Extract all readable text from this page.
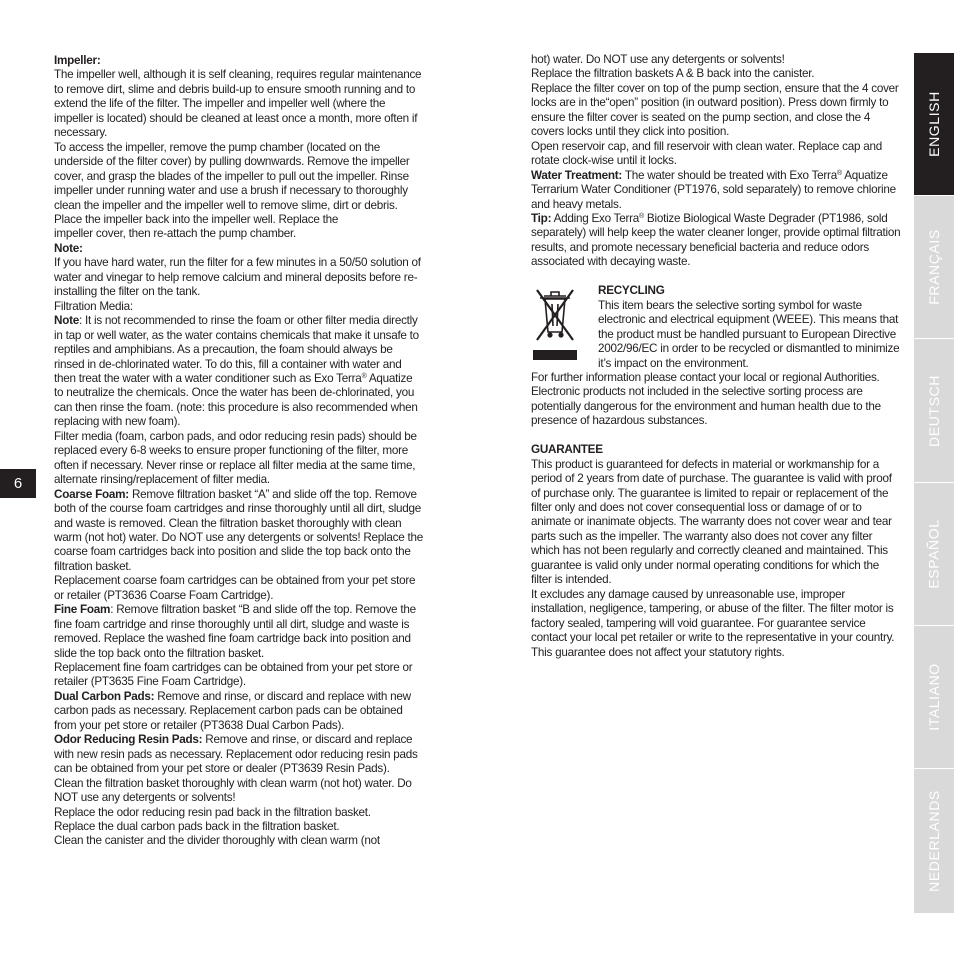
6
ENGLISH
FRANÇAIS
DEUTSCH
ESPAÑOL
ITALIANO
NEDERLANDS

Impeller:

The impeller well, although it is self cleaning, requires regular maintenance to remove dirt, slime and debris build-up to ensure smooth running and to extend the life of the filter. The impeller and impeller well (where the impeller is located) should be cleaned at least once a month, more often if necessary.

To access the impeller, remove the pump chamber (located on the underside of the filter cover) by pulling downwards. Remove the impeller cover, and grasp the blades of the impeller to pull out the impeller. Rinse impeller under running water and use a brush if necessary to thoroughly clean the impeller and the impeller well to remove slime, dirt or debris. Place the impeller back into the impeller well. Replace the

impeller cover, then re-attach the pump chamber.

Note:

If you have hard water, run the filter for a few minutes in a 50/50 solution of water and vinegar to help remove calcium and mineral deposits before re-installing the filter on the tank.

Filtration Media:

Note: It is not recommended to rinse the foam or other filter media directly in tap or well water, as the water contains chemicals that make it unsafe to reptiles and amphibians. As a precaution, the foam should always be rinsed in de-chlorinated water. To do this, fill a container with water and then treat the water with a water conditioner such as Exo Terra® Aquatize to neutralize the chemicals. Once the water has been de-chlorinated, you can then rinse the foam. (note: this procedure is also recommended when replacing with new foam).

Filter media (foam, carbon pads, and odor reducing resin pads) should be replaced every 6-8 weeks to ensure proper functioning of the filter, more often if necessary. Never rinse or replace all filter media at the same time, alternate rinsing/replacement of filter media.

Coarse Foam: Remove filtration basket “A” and slide off the top. Remove both of the course foam cartridges and rinse thoroughly until all dirt, sludge and waste is removed. Clean the filtration basket thoroughly with clean warm (not hot) water. Do NOT use any detergents or solvents! Replace the coarse foam cartridges back into position and slide the top back onto the filtration basket.

Replacement coarse foam cartridges can be obtained from your pet store or retailer (PT3636 Coarse Foam Cartridge).

Fine Foam: Remove filtration basket “B and slide off the top. Remove the fine foam cartridge and rinse thoroughly until all dirt, sludge and waste is removed. Replace the washed fine foam cartridge back into position and slide the top back onto the filtration basket.

Replacement fine foam cartridges can be obtained from your pet store or retailer (PT3635 Fine Foam Cartridge).

Dual Carbon Pads: Remove and rinse, or discard and replace with new carbon pads as necessary. Replacement carbon pads can be obtained from your pet store or retailer (PT3638 Dual Carbon Pads).

Odor Reducing Resin Pads: Remove and rinse, or discard and replace with new resin pads as necessary. Replacement odor reducing resin pads can be obtained from your pet store or dealer (PT3639 Resin Pads).

Clean the filtration basket thoroughly with clean warm (not hot) water. Do NOT use any detergents or solvents!

Replace the odor reducing resin pad back in the filtration basket.

Replace the dual carbon pads back in the filtration basket.

Clean the canister and the divider thoroughly with clean warm (not

hot) water. Do NOT use any detergents or solvents!

Replace the filtration baskets A & B back into the canister.

Replace the filter cover on top of the pump section, ensure that the 4 cover locks are in the“open” position (in outward position). Press down firmly to ensure the filter cover is seated on the pump section, and close the 4 covers locks until they click into position.

Open reservoir cap, and fill reservoir with clean water. Replace cap and rotate clock-wise until it locks.

Water Treatment: The water should be treated with Exo Terra® Aquatize Terrarium Water Conditioner (PT1976, sold separately) to remove chlorine and heavy metals.

Tip: Adding Exo Terra® Biotize Biological Waste Degrader (PT1986, sold separately) will help keep the water cleaner longer, provide optimal filtration results, and promote necessary beneficial bacteria and reduce odors associated with decaying waste.

RECYCLING

This item bears the selective sorting symbol for waste electronic and electrical equipment (WEEE). This means that the product must be handled pursuant to European Directive 2002/96/EC in order to be recycled or dismantled to minimize it’s impact on the environment.

For further information please contact your local or regional Authorities. Electronic products not included in the selective sorting process are potentially dangerous for the environment and human health due to the presence of hazardous substances.

GUARANTEE

This product is guaranteed for defects in material or workmanship for a period of 2 years from date of purchase. The guarantee is valid with proof of purchase only. The guarantee is limited to repair or replacement of the filter only and does not cover consequential loss or damage of or to animate or inanimate objects. The warranty does not cover wear and tear parts such as the impeller. The warranty also does not cover any filter which has not been regularly and correctly cleaned and maintained. This guarantee is valid only under normal operating conditions for which the filter is intended.

It excludes any damage caused by unreasonable use, improper installation, negligence, tampering, or abuse of the filter. The filter motor is factory sealed, tampering will void guarantee. For guarantee service contact your local pet retailer or write to the representative in your country. This guarantee does not affect your statutory rights.
